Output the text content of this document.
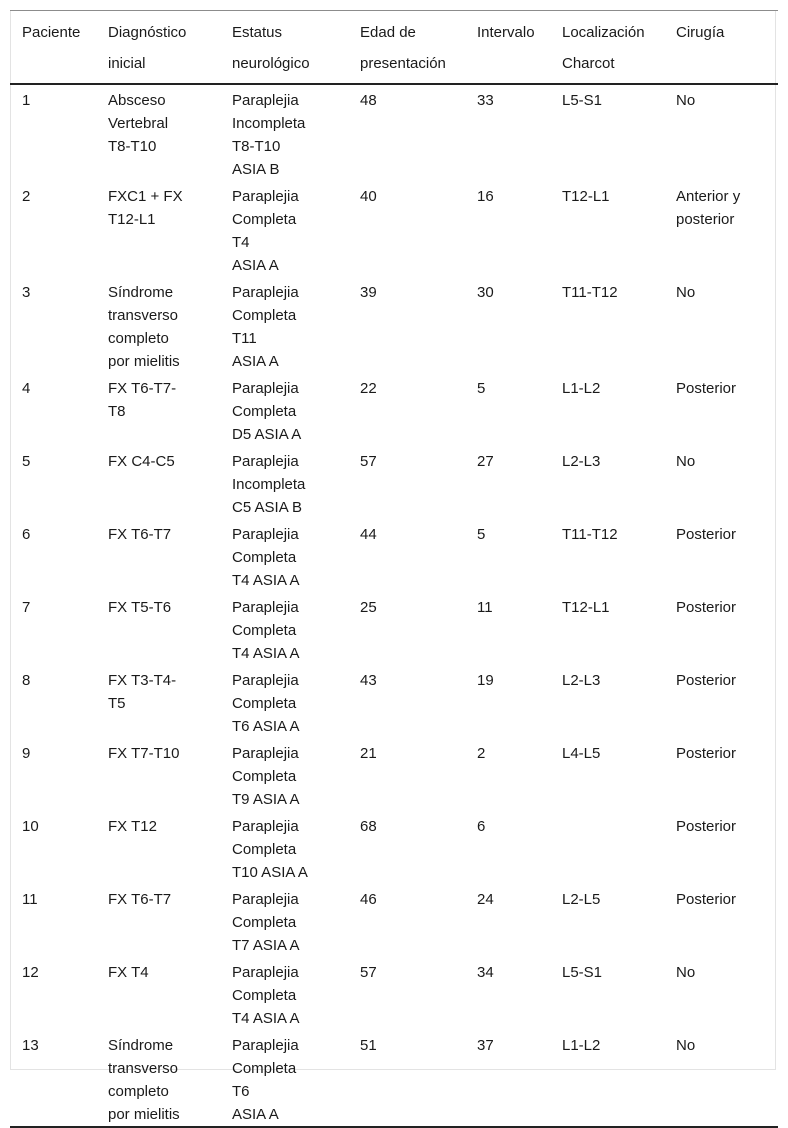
Paciente	Diagnóstico
inicial	Estatus
neurológico	Edad de
presentación	Intervalo	Localización
Charcot	Cirugía

1	Absceso
Vertebral
T8-T10	Paraplejia
Incompleta
T8-T10
ASIA B	48	33	L5-S1	No

2	FXC1 + FX
T12-L1	Paraplejia
Completa
T4
ASIA A	40	16	T12-L1	Anterior y
posterior

3	Síndrome
transverso
completo
por mielitis	Paraplejia
Completa
T11
ASIA A	39	30	T11-T12	No

4	FX T6-T7-
T8	Paraplejia
Completa
D5 ASIA A	22	5	L1-L2	Posterior

5	FX C4-C5	Paraplejia
Incompleta
C5 ASIA B	57	27	L2-L3	No

6	FX T6-T7	Paraplejia
Completa
T4 ASIA A	44	5	T11-T12	Posterior

7	FX T5-T6	Paraplejia
Completa
T4 ASIA A	25	11	T12-L1	Posterior

8	FX T3-T4-
T5	Paraplejia
Completa
T6 ASIA A	43	19	L2-L3	Posterior

9	FX T7-T10	Paraplejia
Completa
T9 ASIA A	21	2	L4-L5	Posterior

10	FX T12	Paraplejia
Completa
T10 ASIA A	68	6		Posterior

11	FX T6-T7	Paraplejia
Completa
T7 ASIA A	46	24	L2-L5	Posterior

12	FX T4	Paraplejia
Completa
T4 ASIA A	57	34	L5-S1	No

13	Síndrome
transverso
completo
por mielitis	Paraplejia
Completa
T6
ASIA A	51	37	L1-L2	No
